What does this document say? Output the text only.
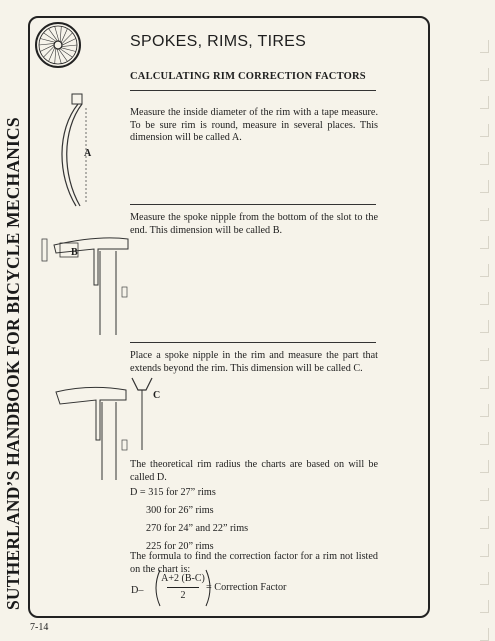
SUTHERLAND’S HANDBOOK FOR BICYCLE MECHANICS
SPOKES, RIMS, TIRES
CALCULATING RIM CORRECTION FACTORS
A
Measure the inside diameter of the rim with a tape measure. To be sure rim is round, measure in several places. This dimension will be called A.
Measure the spoke nipple from the bottom of the slot to the end. This dimension will be called B.
B
Place a spoke nipple in the rim and measure the part that extends beyond the rim. This dimension will be called C.
C
The theoretical rim radius the charts are based on will be called D.
D = 315 for 27” rims
300 for 26” rims
270 for 24” and 22” rims
225 for 20” rims
The formula to find the correction factor for a rim not listed on the chart is:
D–
A+2 (B-C)
2
= Correction Factor
7-14
